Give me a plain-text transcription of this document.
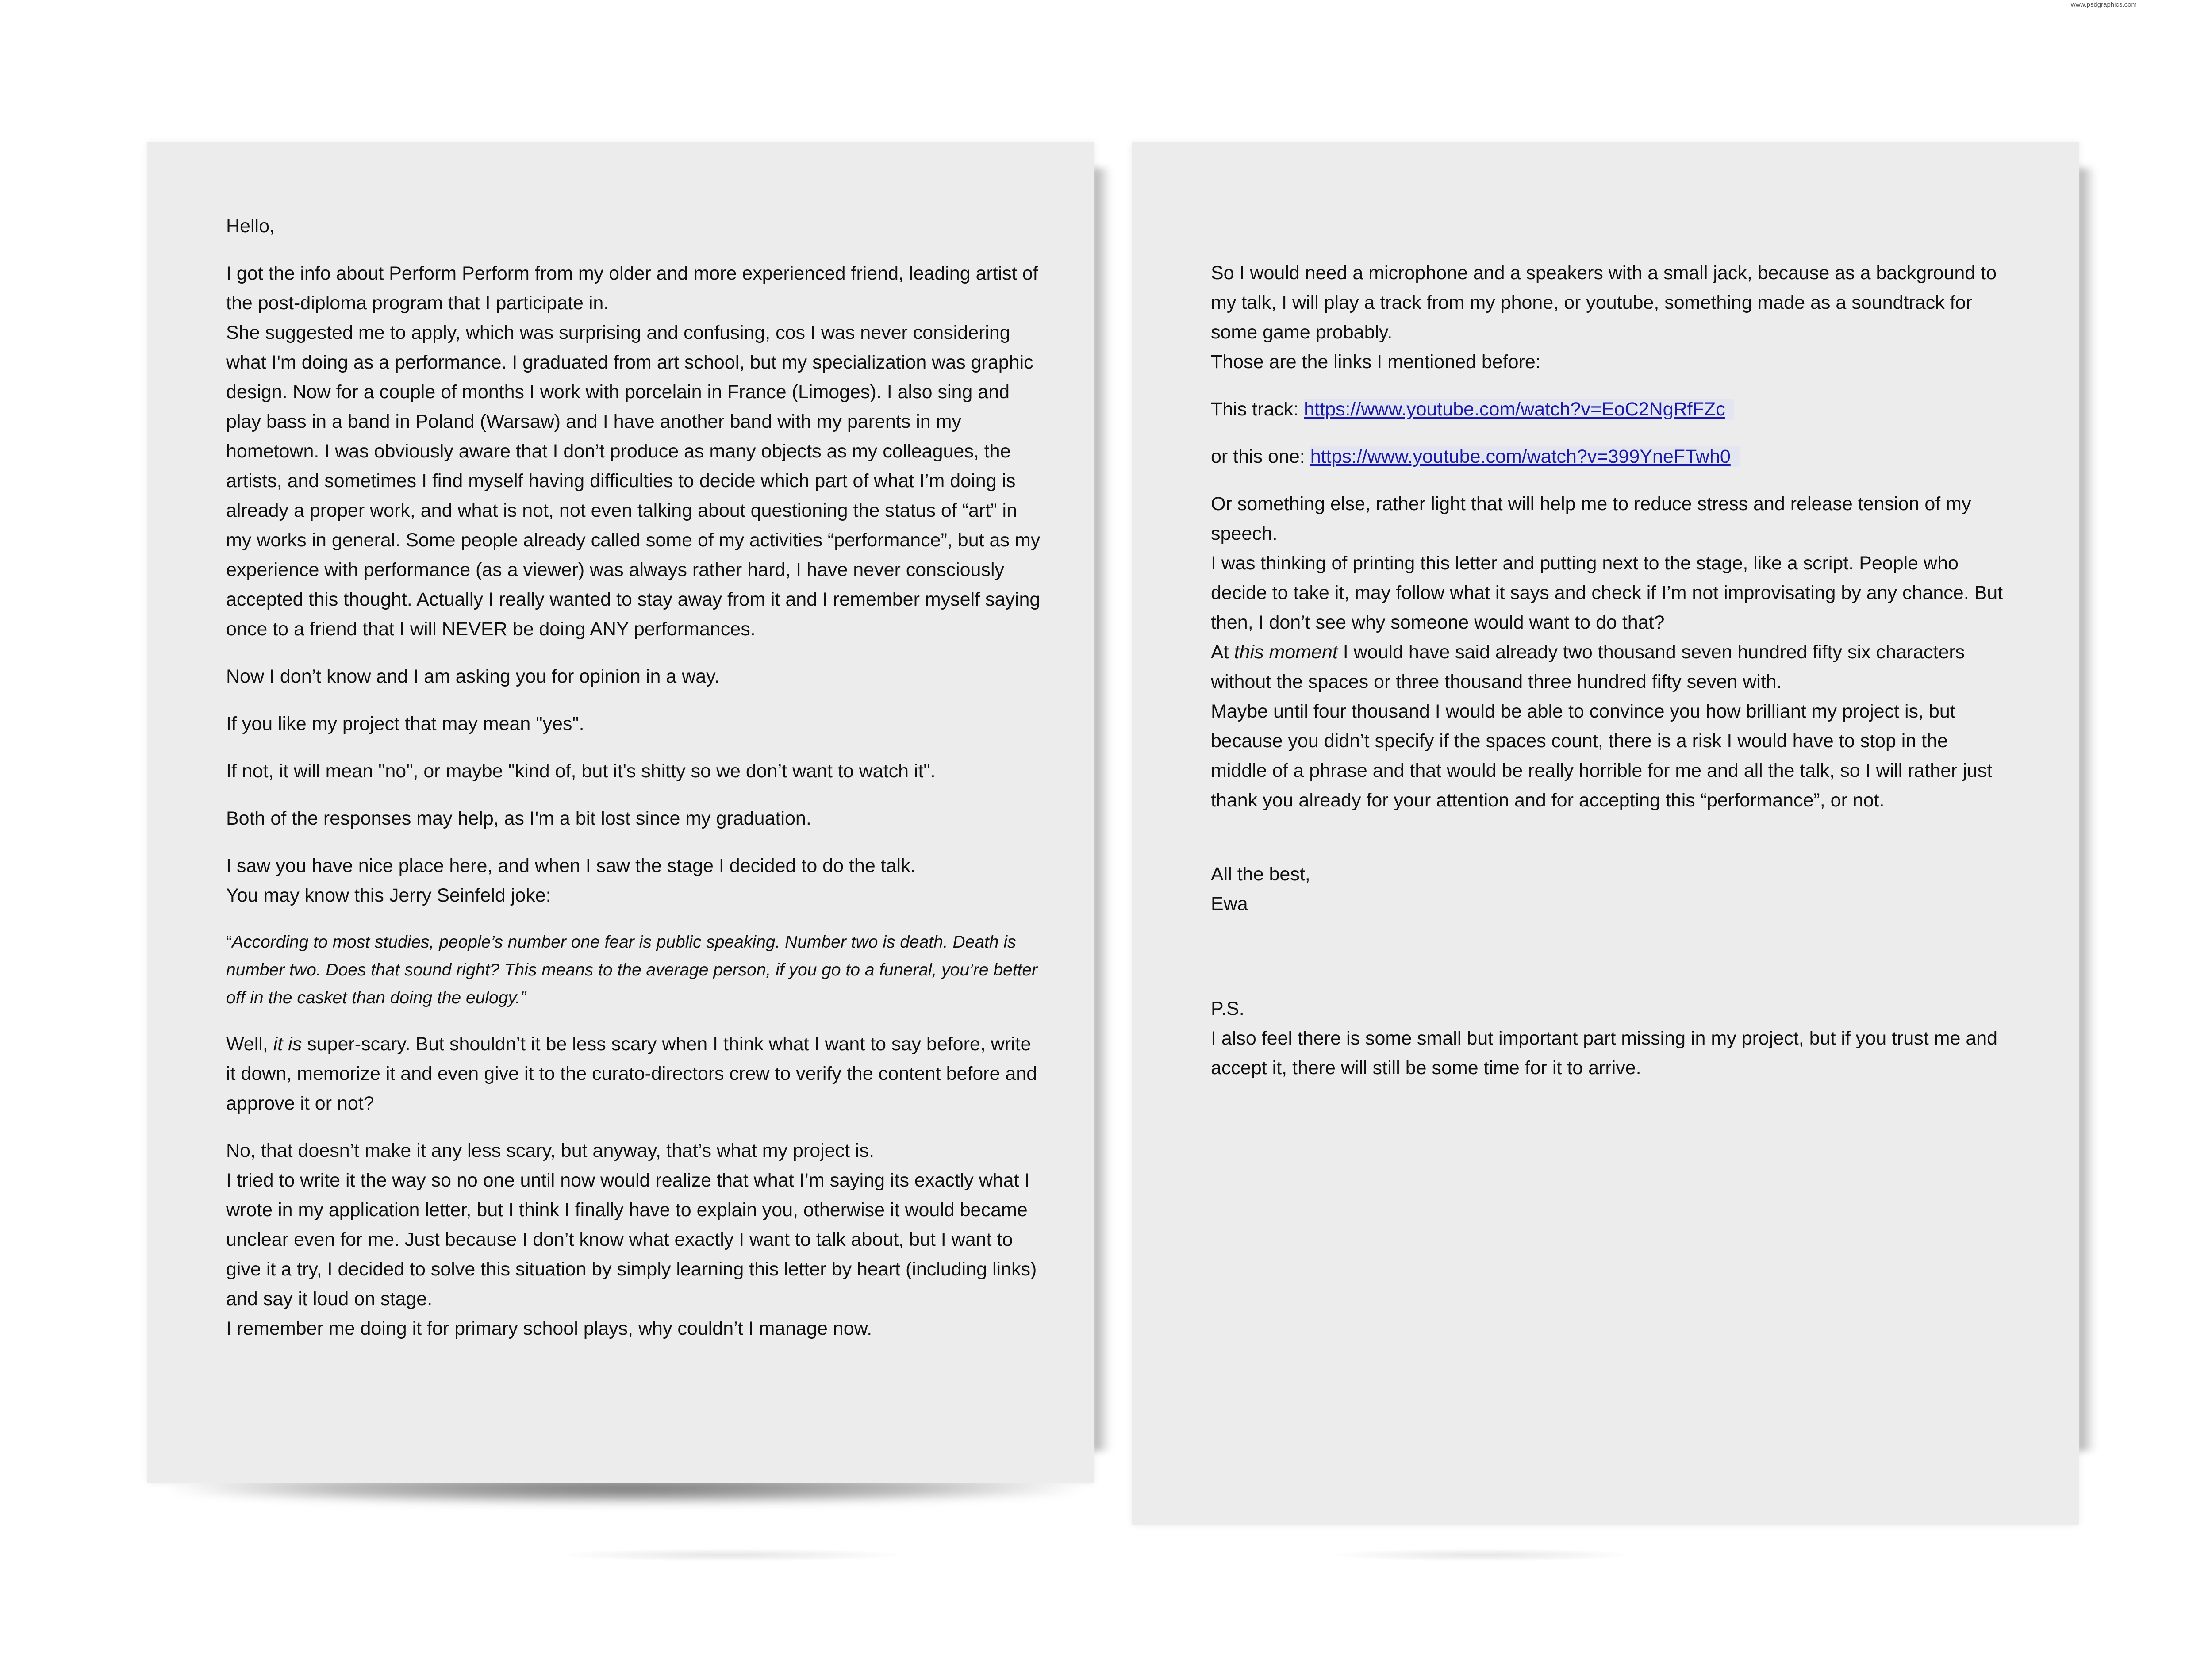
www.psdgraphics.com

Hello,

I got the info about Perform Perform from my older and more experienced friend, leading artist of the post-diploma program that I participate in.
She suggested me to apply, which was surprising and confusing, cos I was never considering what I'm doing as a performance. I graduated from art school, but my specialization was graphic design. Now for a couple of months I work with porcelain in France (Limoges). I also sing and play bass in a band in Poland (Warsaw) and I have another band with my parents in my hometown. I was obviously aware that I don’t produce as many objects as my colleagues, the artists, and sometimes I find myself having difficulties to decide which part of what I’m doing is already a proper work, and what is not, not even talking about questioning the status of “art” in my works in general. Some people already called some of my activities “performance”, but as my experience with performance (as a viewer) was always rather hard, I have never consciously accepted this thought. Actually I really wanted to stay away from it and I remember myself saying once to a friend that I will NEVER be doing ANY performances.

Now I don’t know and I am asking you for opinion in a way.

If you like my project that may mean "yes".

If not, it will mean "no", or maybe "kind of, but it's shitty so we don’t want to watch it".

Both of the responses may help, as I'm a bit lost since my graduation.

I saw you have nice place here, and when I saw the stage I decided to do the talk.
You may know this Jerry Seinfeld joke:

“According to most studies, people’s number one fear is public speaking. Number two is death. Death is number two. Does that sound right? This means to the average person, if you go to a funeral, you’re better off in the casket than doing the eulogy.”

Well, it is super-scary. But shouldn’t it be less scary when I think what I want to say before, write it down, memorize it and even give it to the curato-directors crew to verify the content before and approve it or not?

No, that doesn’t make it any less scary, but anyway, that’s what my project is.
I tried to write it the way so no one until now would realize that what I’m saying its exactly what I wrote in my application letter, but I think I finally have to explain you, otherwise it would became unclear even for me. Just because I don’t know what exactly I want to talk about, but I want to give it a try, I decided to solve this situation by simply learning this letter by heart (including links) and say it loud on stage.
I remember me doing it for primary school plays, why couldn’t I manage now.

So I would need a microphone and a speakers with a small jack, because as a background to my talk, I will play a track from my phone, or youtube, something made as a soundtrack for some game probably.
Those are the links I mentioned before:

This track: https://www.youtube.com/watch?v=EoC2NgRfFZc

or this one: https://www.youtube.com/watch?v=399YneFTwh0

Or something else, rather light that will help me to reduce stress and release tension of my speech.
I was thinking of printing this letter and putting next to the stage, like a script. People who decide to take it, may follow what it says and check if I’m not improvisating by any chance. But then, I don’t see why someone would want to do that?
At this moment I would have said already two thousand seven hundred fifty six characters without the spaces or three thousand three hundred fifty seven with.
Maybe until four thousand I would be able to convince you how brilliant my project is, but because you didn’t specify if the spaces count, there is a risk I would have to stop in the middle of a phrase and that would be really horrible for me and all the talk, so I will rather just thank you already for your attention and for accepting this “performance”, or not.

All the best,
Ewa

P.S.
I also feel there is some small but important part missing in my project, but if you trust me and accept it, there will still be some time for it to arrive.
